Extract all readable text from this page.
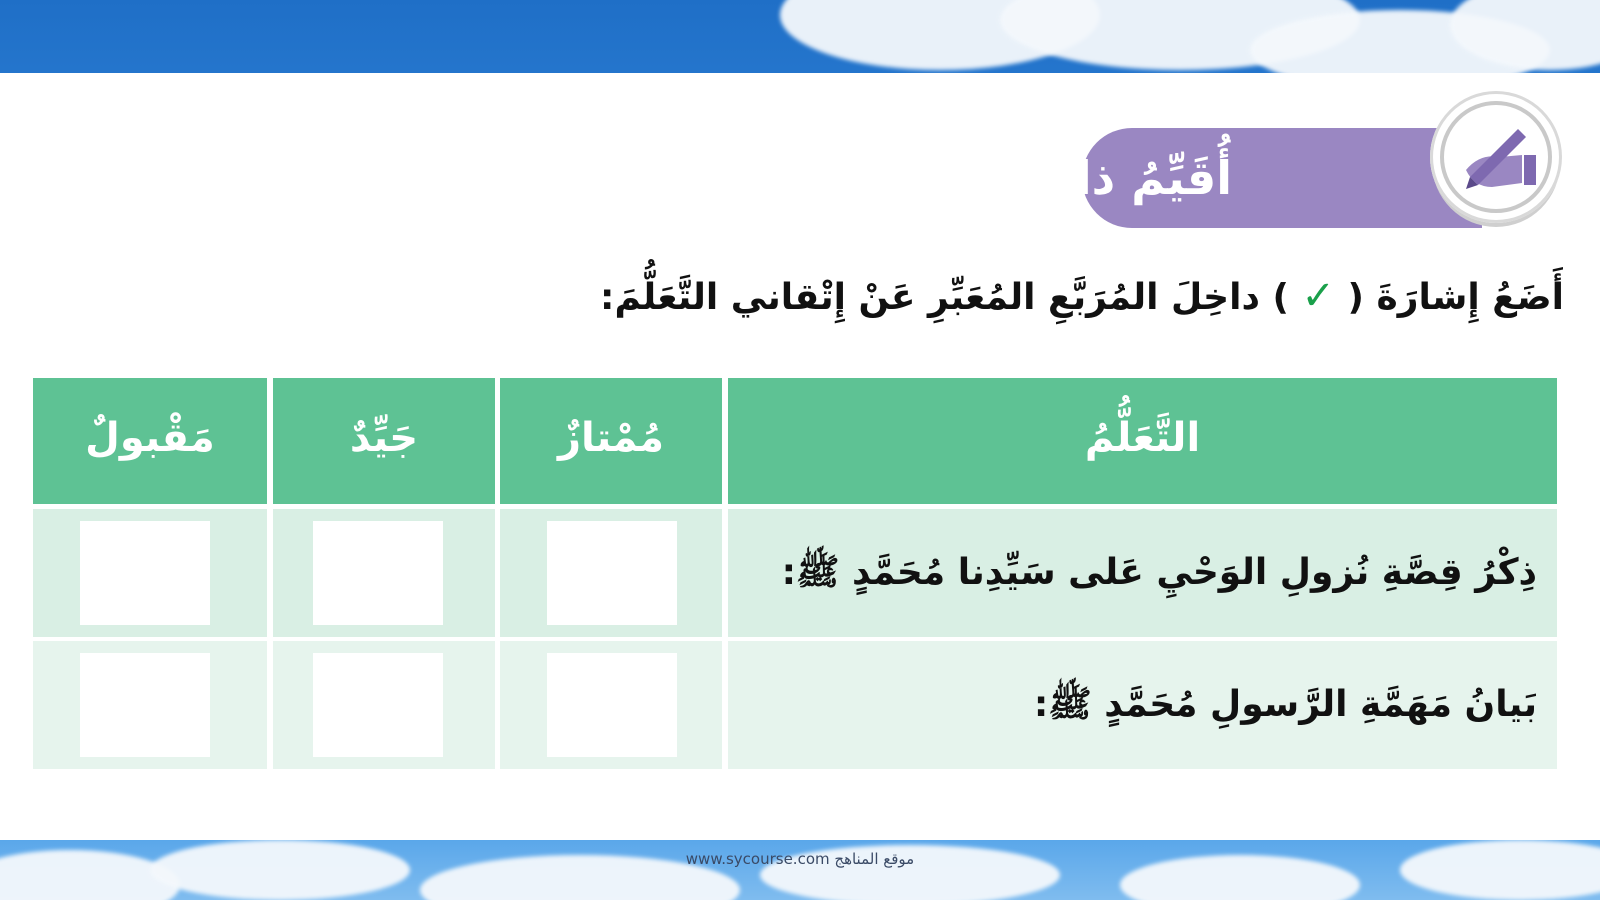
أُقَيِّمُ ذاتي
أَضَعُ إِشارَةَ ( ✓ ) داخِلَ المُرَبَّعِ المُعَبِّرِ عَنْ إِتْقاني التَّعَلُّمَ:
التَّعَلُّمُ
مُمْتازٌ
جَيِّدٌ
مَقْبولٌ
ذِكْرُ قِصَّةِ نُزولِ الوَحْيِ عَلى سَيِّدِنا مُحَمَّدٍ ﷺ:
بَيانُ مَهَمَّةِ الرَّسولِ مُحَمَّدٍ ﷺ:
www.sycourse.com موقع المناهج
